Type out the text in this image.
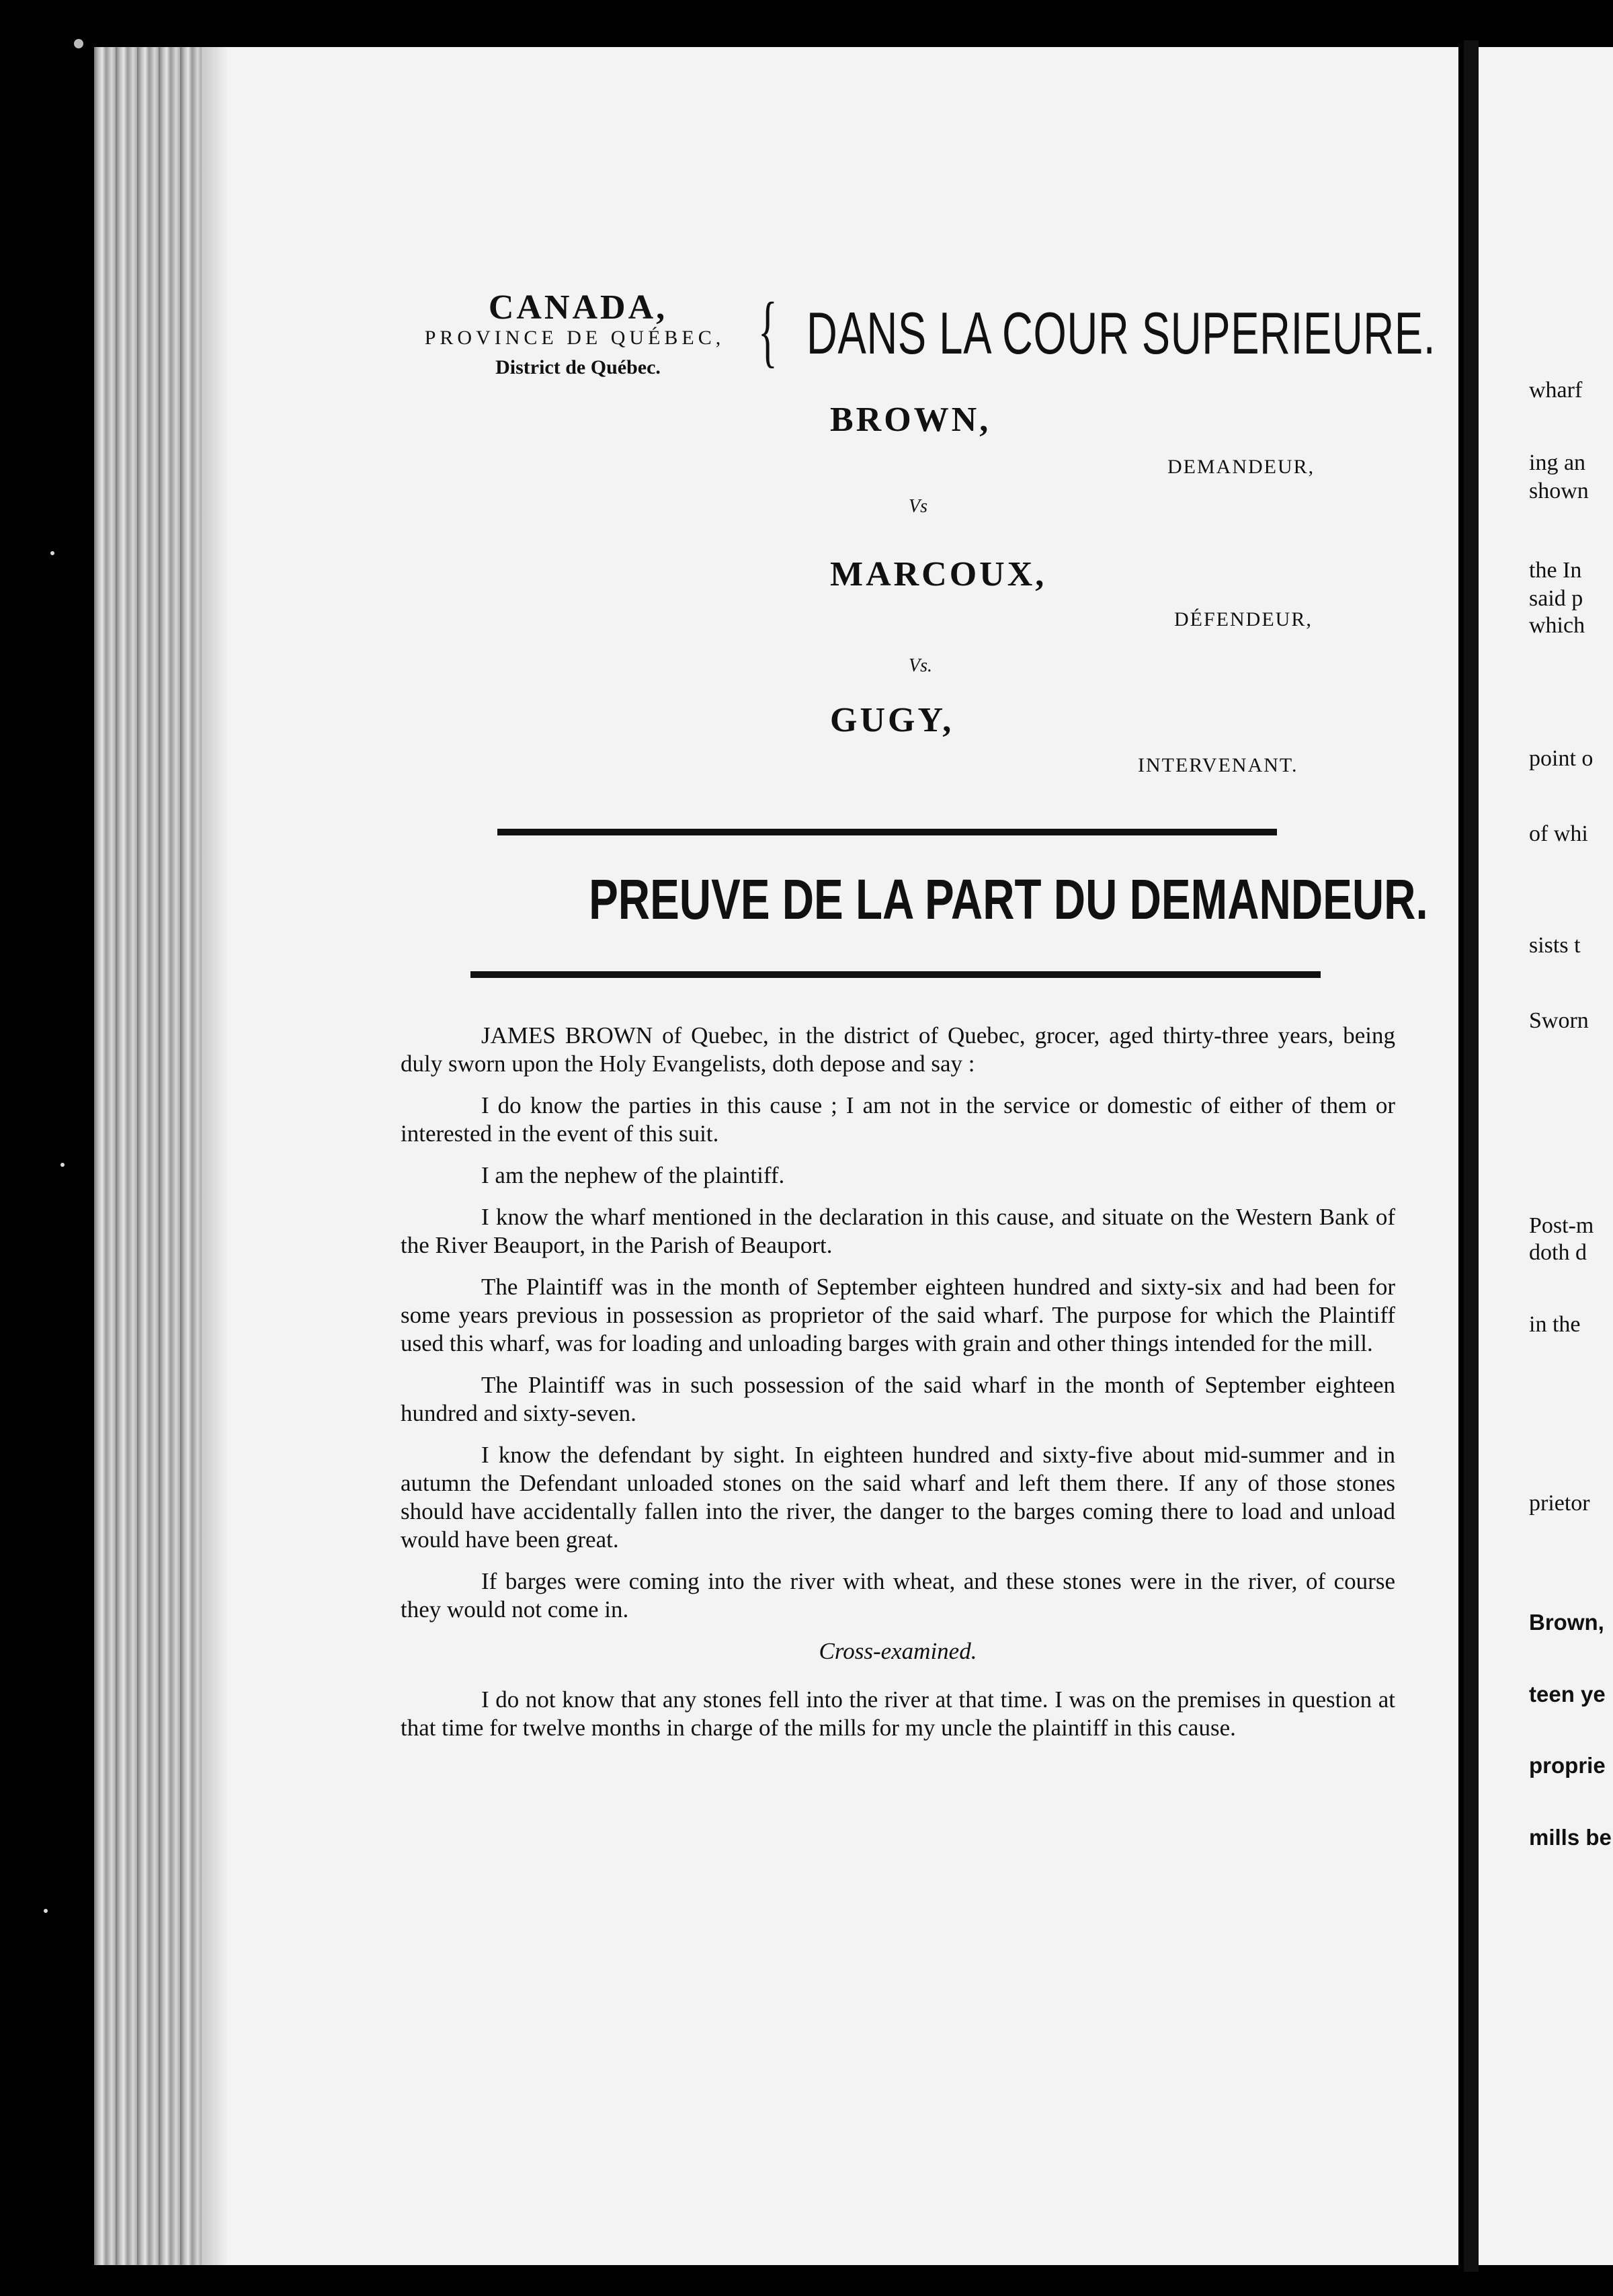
CANADA,
PROVINCE DE QUÉBEC,
District de Québec.	{ DANS LA COUR SUPERIEURE.
BROWN,
DEMANDEUR,
Vs
MARCOUX,
DÉFENDEUR,
Vs.
GUGY,
INTERVENANT.
PREUVE DE LA PART DU DEMANDEUR.

JAMES BROWN of Quebec, in the district of Quebec, grocer, aged thirty-three years, being duly sworn upon the Holy Evangelists, doth depose and say :

I do know the parties in this cause ; I am not in the service or domestic of either of them or interested in the event of this suit.

I am the nephew of the plaintiff.

I know the wharf mentioned in the declaration in this cause, and situate on the Western Bank of the River Beauport, in the Parish of Beauport.

The Plaintiff was in the month of September eighteen hundred and sixty-six and had been for some years previous in possession as proprietor of the said wharf. The purpose for which the Plaintiff used this wharf, was for loading and unloading barges with grain and other things intended for the mill.

The Plaintiff was in such possession of the said wharf in the month of September eighteen hundred and sixty-seven.

I know the defendant by sight. In eighteen hundred and sixty-five about mid-summer and in autumn the Defendant unloaded stones on the said wharf and left them there. If any of those stones should have accidentally fallen into the river, the danger to the barges coming there to load and unload would have been great.

If barges were coming into the river with wheat, and these stones were in the river, of course they would not come in.

Cross-examined.

I do not know that any stones fell into the river at that time. I was on the premises in question at that time for twelve months in charge of the mills for my uncle the plaintiff in this cause.

wharf
ing an
shown
the In
said p
which
point o
of whi
sists t
Sworn
Post-m
doth d
in the
prietor
Brown,
teen ye
proprie
mills be
